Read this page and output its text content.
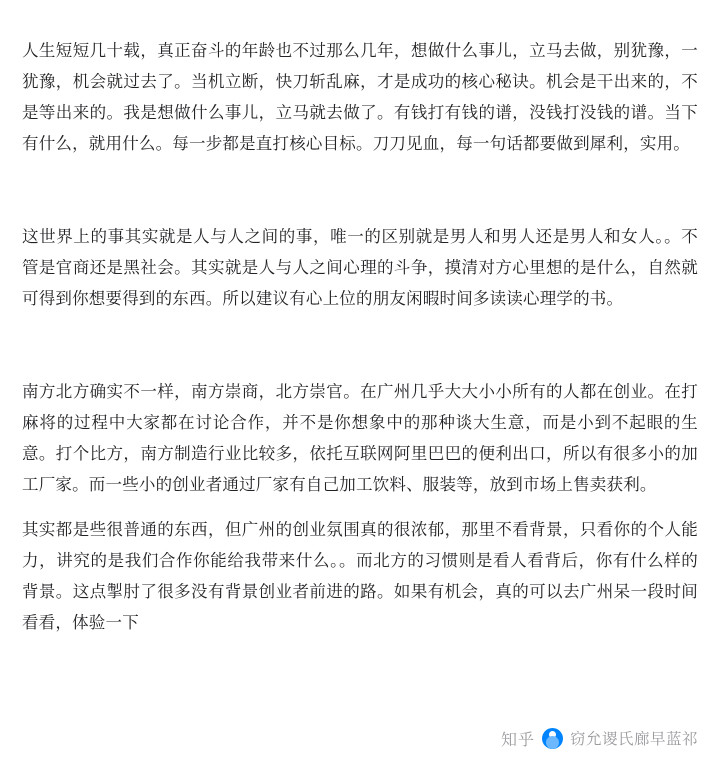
人生短短几十载，真正奋斗的年龄也不过那么几年，想做什么事儿，立马去做，别犹豫，一犹豫，机会就过去了。当机立断，快刀斩乱麻，才是成功的核心秘诀。机会是干出来的，不是等出来的。我是想做什么事儿，立马就去做了。有钱打有钱的谱，没钱打没钱的谱。当下有什么，就用什么。每一步都是直打核心目标。刀刀见血，每一句话都要做到犀利，实用。

这世界上的事其实就是人与人之间的事，唯一的区别就是男人和男人还是男人和女人。。不管是官商还是黑社会。其实就是人与人之间心理的斗争，摸清对方心里想的是什么，自然就可得到你想要得到的东西。所以建议有心上位的朋友闲暇时间多读读心理学的书。

南方北方确实不一样，南方崇商，北方崇官。在广州几乎大大小小所有的人都在创业。在打麻将的过程中大家都在讨论合作，并不是你想象中的那种谈大生意，而是小到不起眼的生意。打个比方，南方制造行业比较多，依托互联网阿里巴巴的便利出口，所以有很多小的加工厂家。而一些小的创业者通过厂家有自己加工饮料、服装等，放到市场上售卖获利。

其实都是些很普通的东西，但广州的创业氛围真的很浓郁，那里不看背景，只看你的个人能力，讲究的是我们合作你能给我带来什么。。而北方的习惯则是看人看背后，你有什么样的背景。这点掣肘了很多没有背景创业者前进的路。如果有机会，真的可以去广州呆一段时间看看，体验一下

知乎 窃允谡氏廊早蓝祁
